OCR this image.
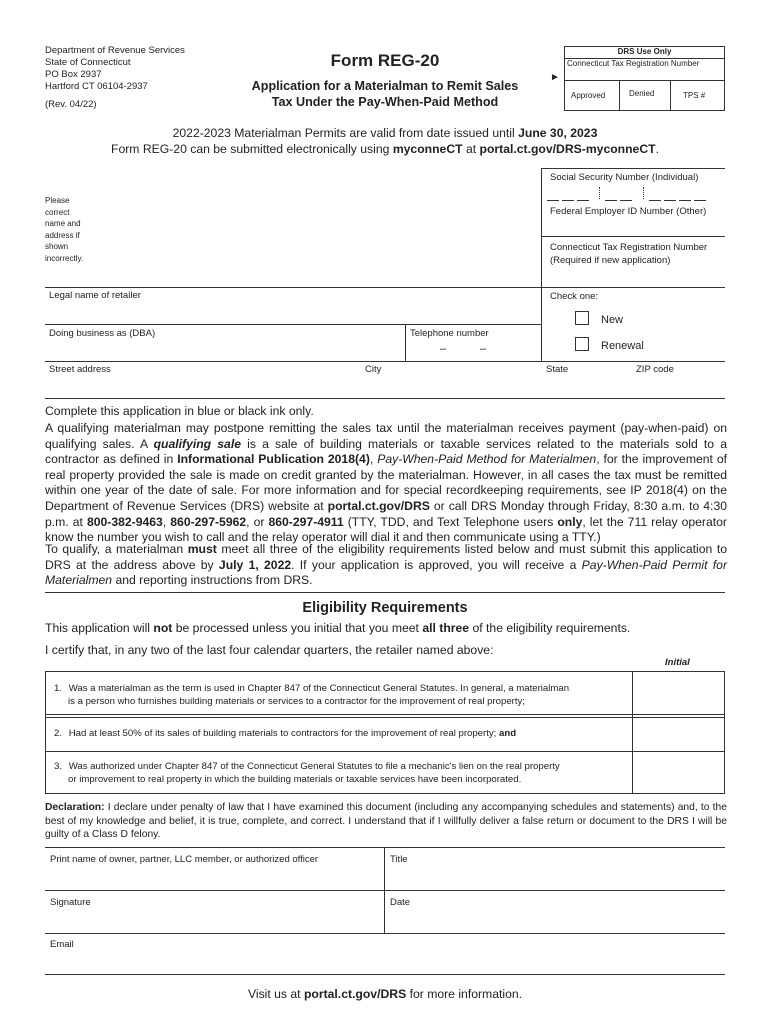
Department of Revenue Services
State of Connecticut
PO Box 2937
Hartford CT 06104-2937
(Rev. 04/22)
Form REG-20
Application for a Materialman to Remit Sales
Tax Under the Pay-When-Paid Method
►
DRS Use Only
Connecticut Tax Registration Number
Approved	Denied	TPS #
2022-2023 Materialman Permits are valid from date issued until June 30, 2023
Form REG-20 can be submitted electronically using myconneCT at portal.ct.gov/DRS-myconneCT.
Please
correct
name and
address if
shown
incorrectly.
Social Security Number (Individual)
Federal Employer ID Number (Other)
Connecticut Tax Registration Number
(Required if new application)
Legal name of retailer	Check one:
New
Renewal
Doing business as (DBA)	Telephone number
–	–
Street address	City	State	ZIP code
Complete this application in blue or black ink only.
A qualifying materialman may postpone remitting the sales tax until the materialman receives payment (pay-when-paid) on qualifying sales. A qualifying sale is a sale of building materials or taxable services related to the materials sold to a contractor as defined in Informational Publication 2018(4), Pay-When-Paid Method for Materialmen, for the improvement of real property provided the sale is made on credit granted by the materialman. However, in all cases the tax must be remitted within one year of the date of sale. For more information and for special recordkeeping requirements, see IP 2018(4) on the Department of Revenue Services (DRS) website at portal.ct.gov/DRS or call DRS Monday through Friday, 8:30 a.m. to 4:30 p.m. at 800-382-9463, 860-297-5962, or 860-297-4911 (TTY, TDD, and Text Telephone users only, let the 711 relay operator know the number you wish to call and the relay operator will dial it and then communicate using a TTY.)
To qualify, a materialman must meet all three of the eligibility requirements listed below and must submit this application to DRS at the address above by July 1, 2022. If your application is approved, you will receive a Pay-When-Paid Permit for Materialmen and reporting instructions from DRS.
Eligibility Requirements
This application will not be processed unless you initial that you meet all three of the eligibility requirements.
I certify that, in any two of the last four calendar quarters, the retailer named above:
Initial
1. Was a materialman as the term is used in Chapter 847 of the Connecticut General Statutes. In general, a materialman
is a person who furnishes building materials or services to a contractor for the improvement of real property;
2. Had at least 50% of its sales of building materials to contractors for the improvement of real property; and
3. Was authorized under Chapter 847 of the Connecticut General Statutes to file a mechanic's lien on the real property
or improvement to real property in which the building materials or taxable services have been incorporated.
Declaration: I declare under penalty of law that I have examined this document (including any accompanying schedules and statements) and, to the best of my knowledge and belief, it is true, complete, and correct. I understand that if I willfully deliver a false return or document to the DRS I will be guilty of a Class D felony.
Print name of owner, partner, LLC member, or authorized officer	Title
Signature	Date
Email
Visit us at portal.ct.gov/DRS for more information.
